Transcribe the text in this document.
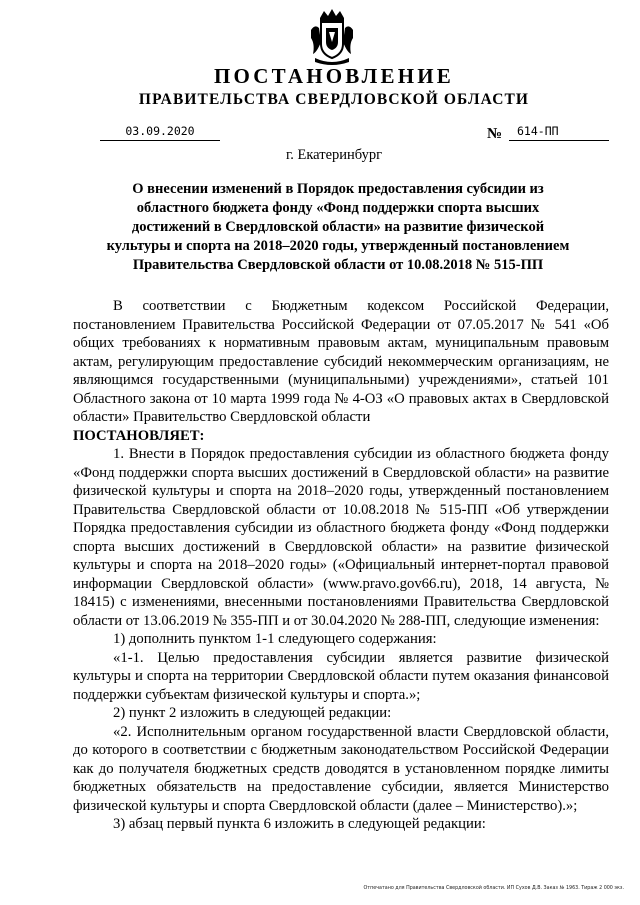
ПОСТАНОВЛЕНИЕ
ПРАВИТЕЛЬСТВА СВЕРДЛОВСКОЙ ОБЛАСТИ
03.09.2020	№	614-ПП
г. Екатеринбург
О внесении изменений в Порядок предоставления субсидии из областного бюджета фонду «Фонд поддержки спорта высших достижений в Свердловской области» на развитие физической культуры и спорта на 2018–2020 годы, утвержденный постановлением Правительства Свердловской области от 10.08.2018 № 515-ПП

В соответствии с Бюджетным кодексом Российской Федерации, постановлением Правительства Российской Федерации от 07.05.2017 № 541 «Об общих требованиях к нормативным правовым актам, муниципальным правовым актам, регулирующим предоставление субсидий некоммерческим организациям, не являющимся государственными (муниципальными) учреждениями», статьей 101 Областного закона от 10 марта 1999 года № 4-ОЗ «О правовых актах в Свердловской области» Правительство Свердловской области

ПОСТАНОВЛЯЕТ:

1. Внести в Порядок предоставления субсидии из областного бюджета фонду «Фонд поддержки спорта высших достижений в Свердловской области» на развитие физической культуры и спорта на 2018–2020 годы, утвержденный постановлением Правительства Свердловской области от 10.08.2018 № 515-ПП «Об утверждении Порядка предоставления субсидии из областного бюджета фонду «Фонд поддержки спорта высших достижений в Свердловской области» на развитие физической культуры и спорта на 2018–2020 годы» («Официальный интернет-портал правовой информации Свердловской области» (www.pravo.gov66.ru), 2018, 14 августа, № 18415) с изменениями, внесенными постановлениями Правительства Свердловской области от 13.06.2019 № 355-ПП и от 30.04.2020 № 288-ПП, следующие изменения:

1) дополнить пунктом 1-1 следующего содержания:

«1-1. Целью предоставления субсидии является развитие физической культуры и спорта на территории Свердловской области путем оказания финансовой поддержки субъектам физической культуры и спорта.»;

2) пункт 2 изложить в следующей редакции:

«2. Исполнительным органом государственной власти Свердловской области, до которого в соответствии с бюджетным законодательством Российской Федерации как до получателя бюджетных средств доводятся в установленном порядке лимиты бюджетных обязательств на предоставление субсидии, является Министерство физической культуры и спорта Свердловской области (далее – Министерство).»;

3) абзац первый пункта 6 изложить в следующей редакции:

Отпечатано для Правительства Свердловской области. ИП Сухов Д.В. Заказ № 1963. Тираж 2 000 экз.
